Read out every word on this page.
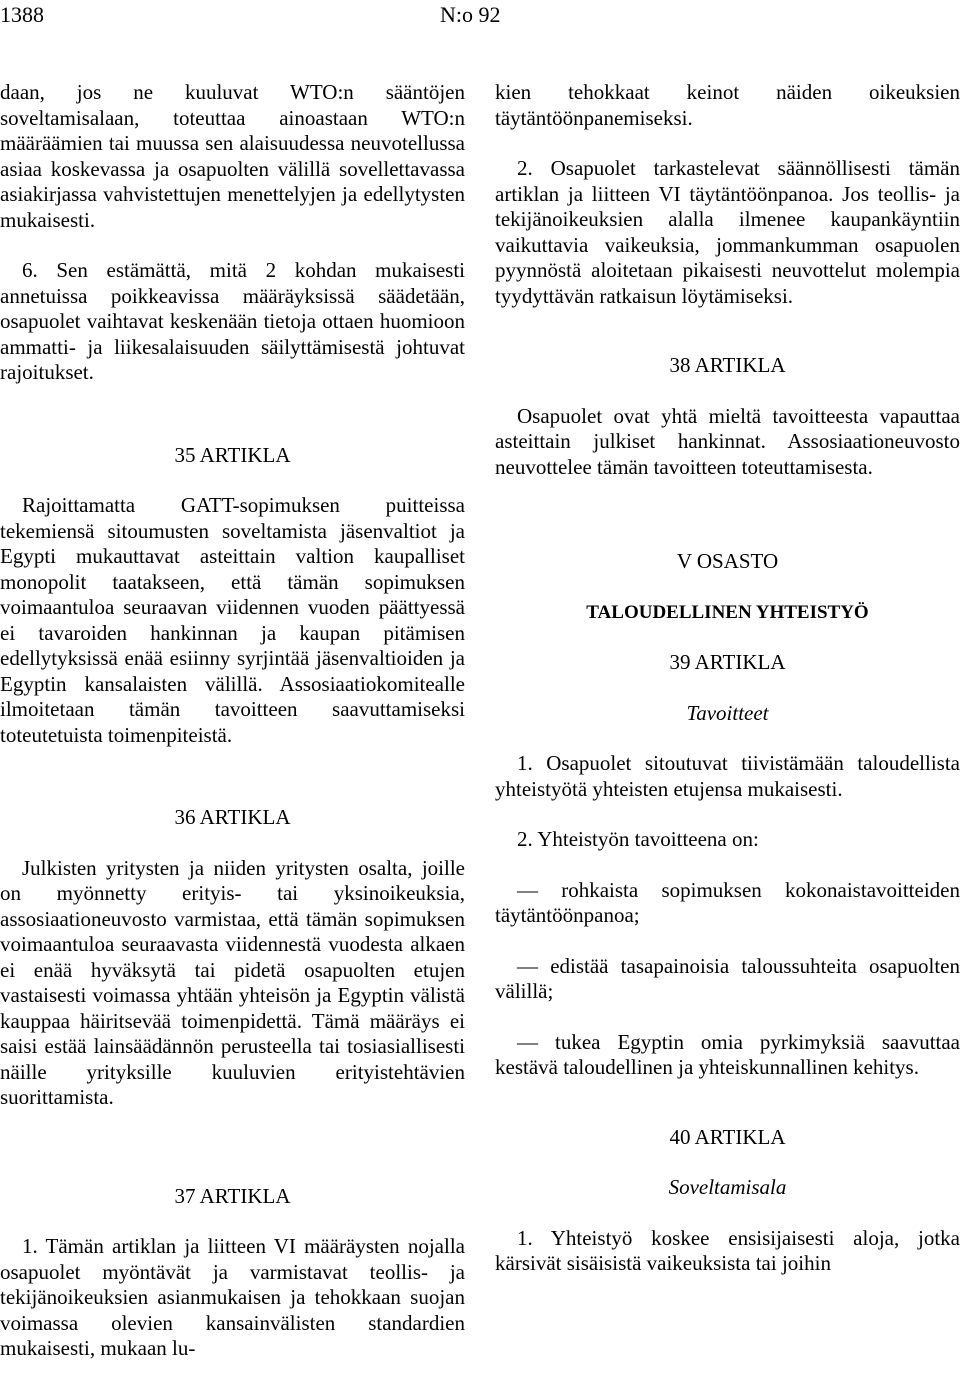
1388	N:o 92

daan, jos ne kuuluvat WTO:n sääntöjen soveltamisalaan, toteuttaa ainoastaan WTO:n määräämien tai muussa sen alaisuudessa neuvotellussa asiaa koskevassa ja osapuolten välillä sovellettavassa asiakirjassa vahvistettujen menettelyjen ja edellytysten mukaisesti.

6. Sen estämättä, mitä 2 kohdan mukaisesti annetuissa poikkeavissa määräyksissä säädetään, osapuolet vaihtavat keskenään tietoja ottaen huomioon ammatti- ja liikesalaisuuden säilyttämisestä johtuvat rajoitukset.

35 ARTIKLA

Rajoittamatta GATT-sopimuksen puitteissa tekemiensä sitoumusten soveltamista jäsenvaltiot ja Egypti mukauttavat asteittain valtion kaupalliset monopolit taatakseen, että tämän sopimuksen voimaantuloa seuraavan viidennen vuoden päättyessä ei tavaroiden hankinnan ja kaupan pitämisen edellytyksissä enää esiinny syrjintää jäsenvaltioiden ja Egyptin kansalaisten välillä. Assosiaatiokomitealle ilmoitetaan tämän tavoitteen saavuttamiseksi toteutetuista toimenpiteistä.

36 ARTIKLA

Julkisten yritysten ja niiden yritysten osalta, joille on myönnetty erityis- tai yksinoikeuksia, assosiaationeuvosto varmistaa, että tämän sopimuksen voimaantuloa seuraavasta viidennestä vuodesta alkaen ei enää hyväksytä tai pidetä osapuolten etujen vastaisesti voimassa yhtään yhteisön ja Egyptin välistä kauppaa häiritsevää toimenpidettä. Tämä määräys ei saisi estää lainsäädännön perusteella tai tosiasiallisesti näille yrityksille kuuluvien erityistehtävien suorittamista.

37 ARTIKLA

1. Tämän artiklan ja liitteen VI määräysten nojalla osapuolet myöntävät ja varmistavat teollis- ja tekijänoikeuksien asianmukaisen ja tehokkaan suojan voimassa olevien kansainvälisten standardien mukaisesti, mukaan lu-

kien tehokkaat keinot näiden oikeuksien täytäntöönpanemiseksi.

2. Osapuolet tarkastelevat säännöllisesti tämän artiklan ja liitteen VI täytäntöönpanoa. Jos teollis- ja tekijänoikeuksien alalla ilmenee kaupankäyntiin vaikuttavia vaikeuksia, jommankumman osapuolen pyynnöstä aloitetaan pikaisesti neuvottelut molempia tyydyttävän ratkaisun löytämiseksi.

38 ARTIKLA

Osapuolet ovat yhtä mieltä tavoitteesta vapauttaa asteittain julkiset hankinnat. Assosiaationeuvosto neuvottelee tämän tavoitteen toteuttamisesta.

V OSASTO
TALOUDELLINEN YHTEISTYÖ
39 ARTIKLA
Tavoitteet

1. Osapuolet sitoutuvat tiivistämään taloudellista yhteistyötä yhteisten etujensa mukaisesti.

2. Yhteistyön tavoitteena on:

— rohkaista sopimuksen kokonaistavoitteiden täytäntöönpanoa;

— edistää tasapainoisia taloussuhteita osapuolten välillä;

— tukea Egyptin omia pyrkimyksiä saavuttaa kestävä taloudellinen ja yhteiskunnallinen kehitys.

40 ARTIKLA
Soveltamisala

1. Yhteistyö koskee ensisijaisesti aloja, jotka kärsivät sisäisistä vaikeuksista tai joihin
